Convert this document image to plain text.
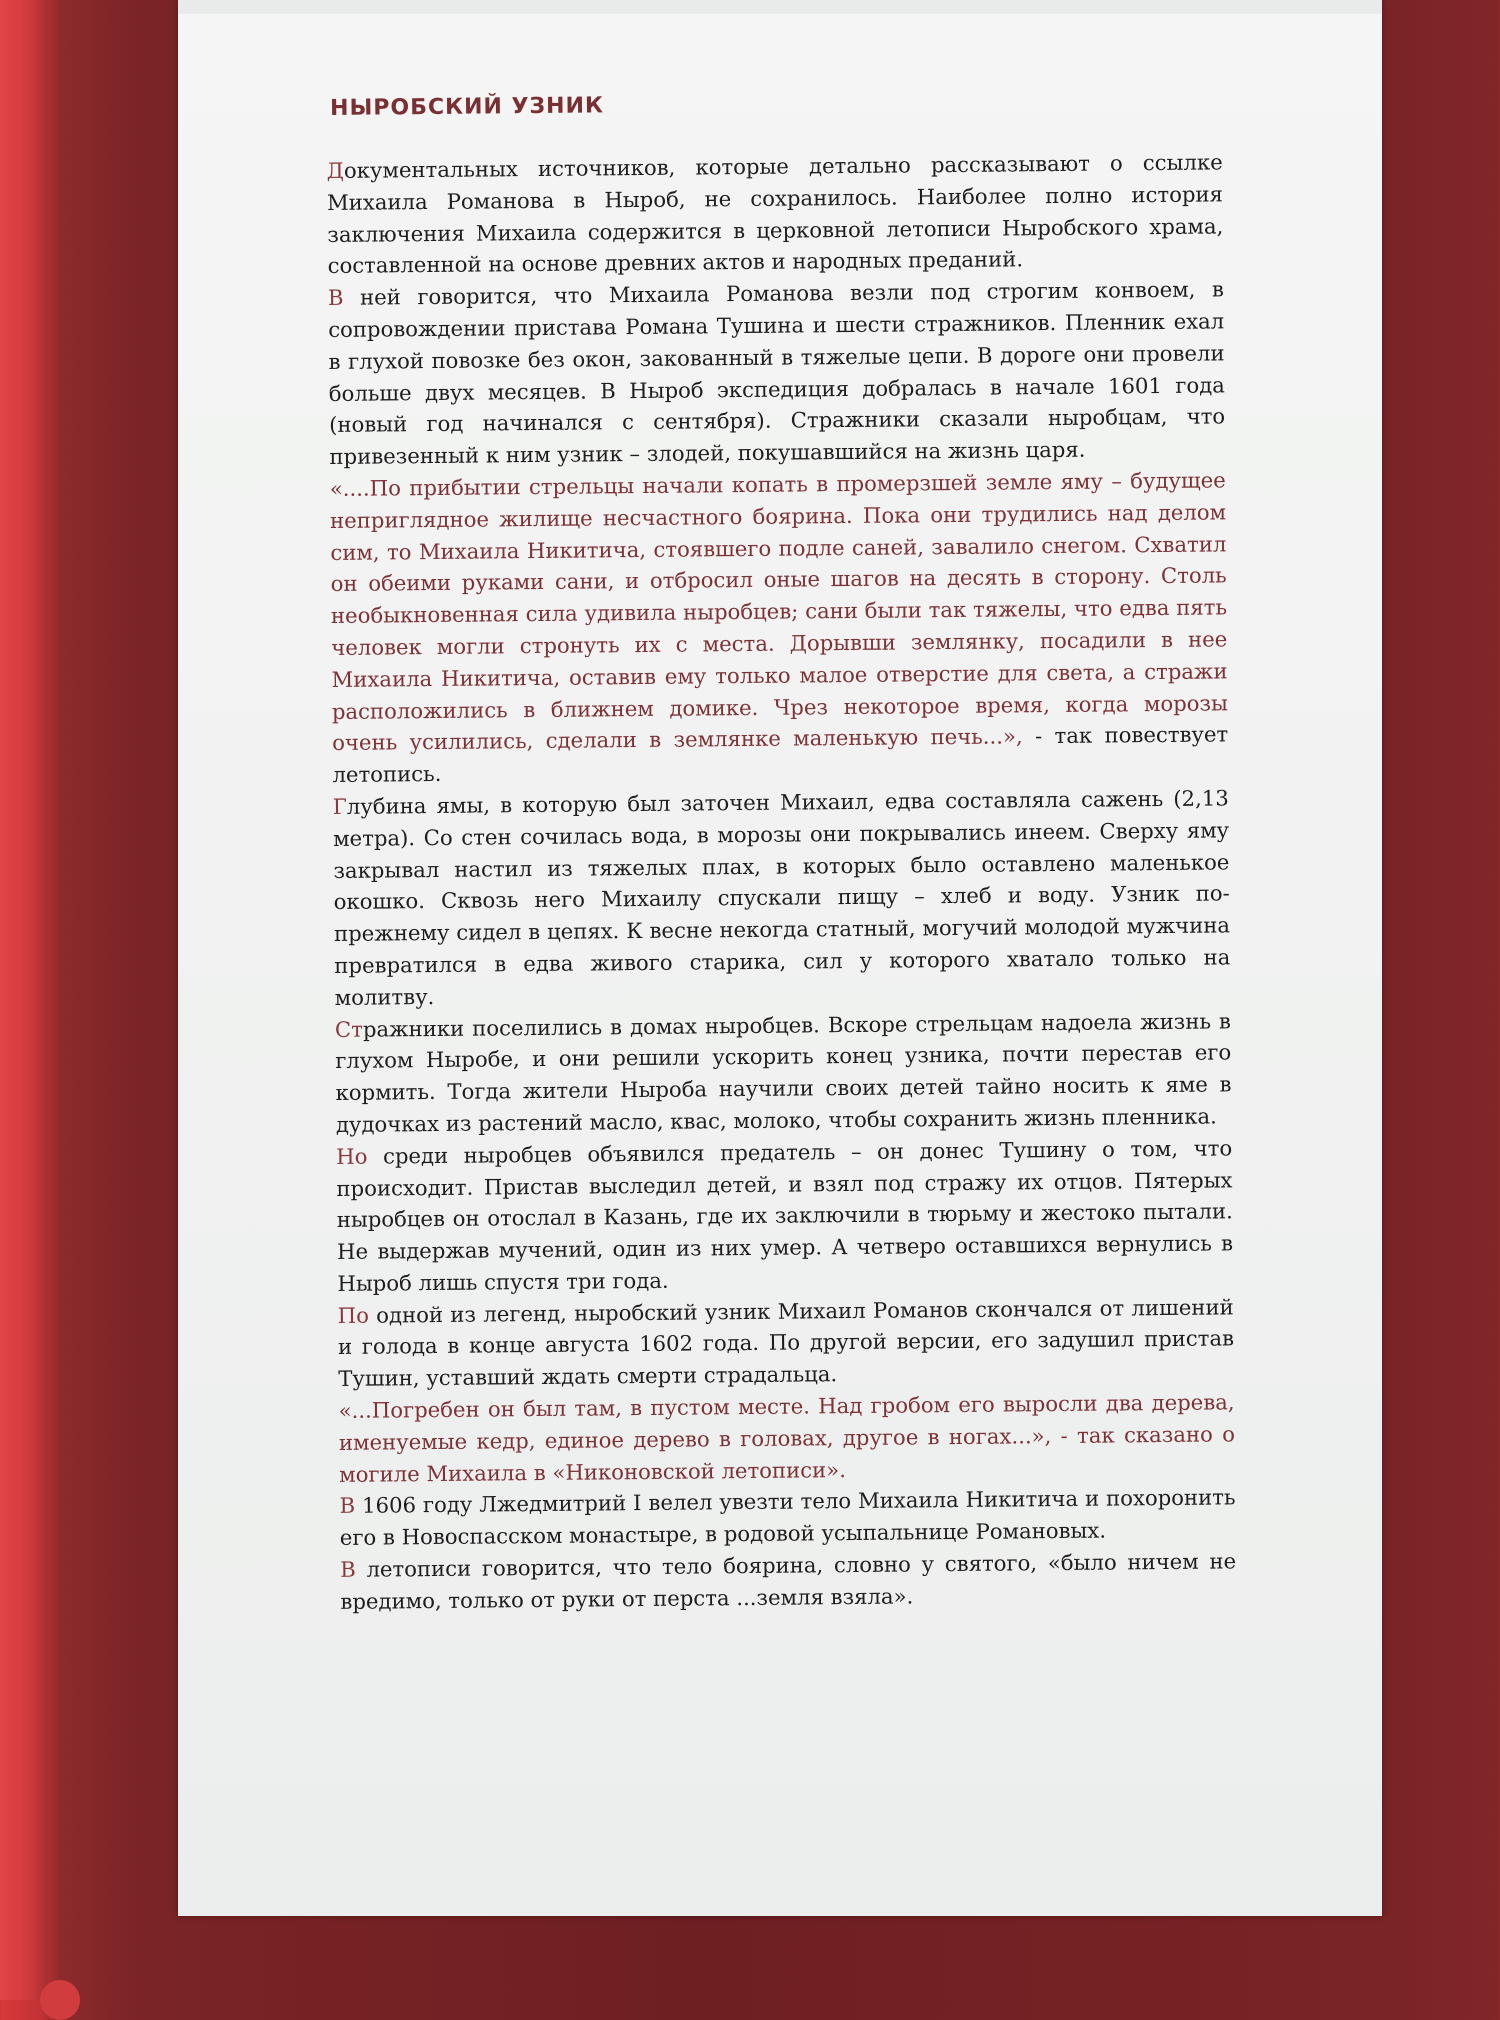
НЫРОБСКИЙ УЗНИК

Документальных источников, которые детально рассказывают о ссылке Михаила Романова в Ныроб, не сохранилось. Наиболее полно история заключения Михаила содержится в церковной летописи Ныробского храма, составленной на основе древних актов и народных преданий.

В ней говорится, что Михаила Романова везли под строгим конвоем, в сопровождении пристава Романа Тушина и шести стражников. Пленник ехал в глухой повозке без окон, закованный в тяжелые цепи. В дороге они провели больше двух месяцев. В Ныроб экспедиция добралась в начале 1601 года (новый год начинался с сентября). Стражники сказали ныробцам, что привезенный к ним узник – злодей, покушавшийся на жизнь царя.

«....По прибытии стрельцы начали копать в промерзшей земле яму – будущее неприглядное жилище несчастного боярина. Пока они трудились над делом сим, то Михаила Никитича, стоявшего подле саней, завалило снегом. Схватил он обеими руками сани, и отбросил оные шагов на десять в сторону. Столь необыкновенная сила удивила ныробцев; сани были так тяжелы, что едва пять человек могли стронуть их с места. Дорывши землянку, посадили в нее Михаила Никитича, оставив ему только малое отверстие для света, а стражи расположились в ближнем домике. Чрез некоторое время, когда морозы очень усилились, сделали в землянке маленькую печь...», - так повествует летопись.

Глубина ямы, в которую был заточен Михаил, едва составляла сажень (2,13 метра). Со стен сочилась вода, в морозы они покрывались инеем. Сверху яму закрывал настил из тяжелых плах, в которых было оставлено маленькое окошко. Сквозь него Михаилу спускали пищу – хлеб и воду. Узник по-прежнему сидел в цепях. К весне некогда статный, могучий молодой мужчина превратился в едва живого старика, сил у которого хватало только на молитву.

Стражники поселились в домах ныробцев. Вскоре стрельцам надоела жизнь в глухом Ныробе, и они решили ускорить конец узника, почти перестав его кормить. Тогда жители Ныроба научили своих детей тайно носить к яме в дудочках из растений масло, квас, молоко, чтобы сохранить жизнь пленника.

Но среди ныробцев объявился предатель – он донес Тушину о том, что происходит. Пристав выследил детей, и взял под стражу их отцов. Пятерых ныробцев он отослал в Казань, где их заключили в тюрьму и жестоко пытали. Не выдержав мучений, один из них умер. А четверо оставшихся вернулись в Ныроб лишь спустя три года.

По одной из легенд, ныробский узник Михаил Романов скончался от лишений и голода в конце августа 1602 года. По другой версии, его задушил пристав Тушин, уставший ждать смерти страдальца.

«...Погребен он был там, в пустом месте. Над гробом его выросли два дерева, именуемые кедр, единое дерево в головах, другое в ногах...», - так сказано о могиле Михаила в «Никоновской летописи».

В 1606 году Лжедмитрий I велел увезти тело Михаила Никитича и похоронить его в Новоспасском монастыре, в родовой усыпальнице Романовых.

В летописи говорится, что тело боярина, словно у святого, «было ничем не вредимо, только от руки от перста ...земля взяла».
